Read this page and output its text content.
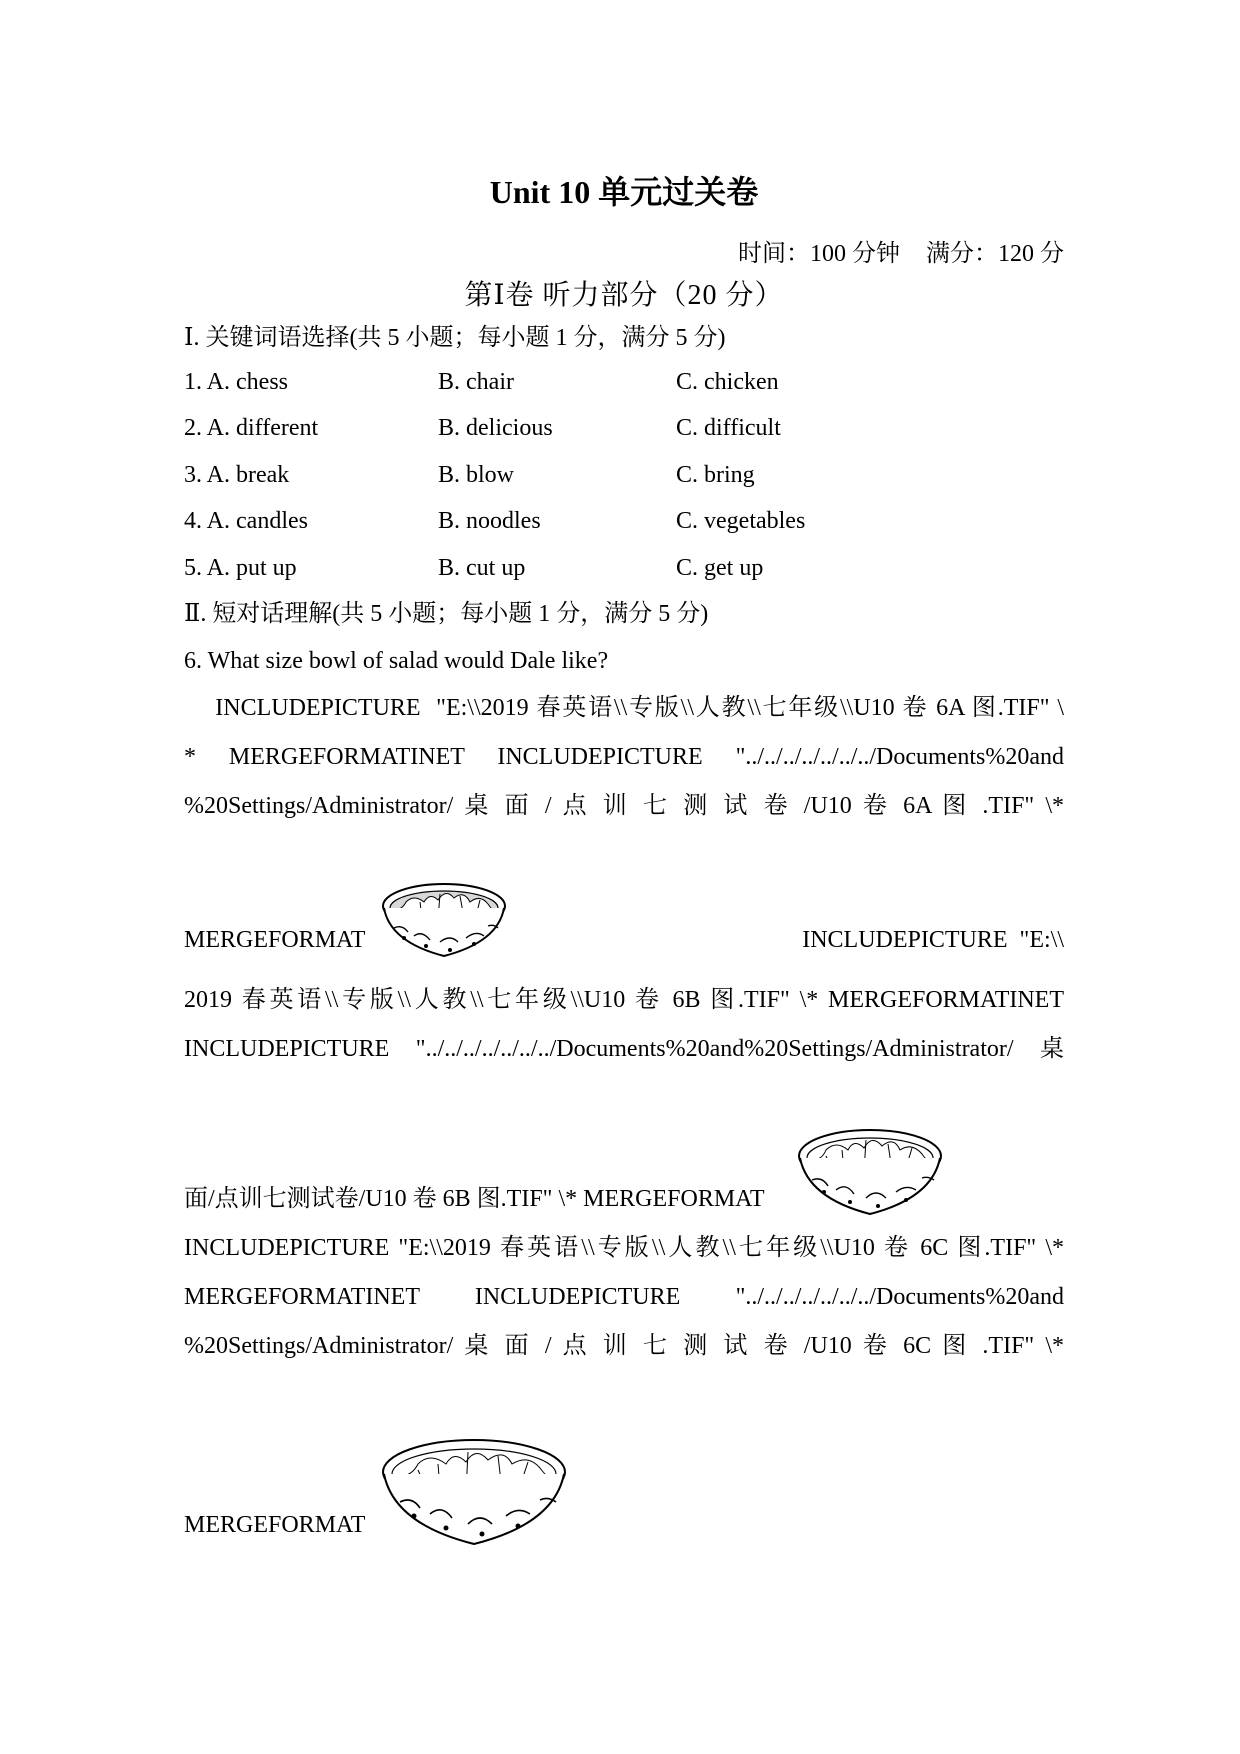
Unit 10 单元过关卷
时间：100 分钟 满分：120 分
第Ⅰ卷 听力部分（20 分）
Ⅰ. 关键词语选择(共 5 小题；每小题 1 分，满分 5 分)
1. A. chess	B. chair	C. chicken
2. A. different	B. delicious	C. difficult
3. A. break	B. blow	C. bring
4. A. candles	B. noodles	C. vegetables
5. A. put up	B. cut up	C. get up
Ⅱ. 短对话理解(共 5 小题；每小题 1 分，满分 5 分)
6. What size bowl of salad would Dale like?
INCLUDEPICTURE  "E:\\2019 春英语\\专版\\人教\\七年级\\U10 卷 6A 图.TIF" \
* MERGEFORMATINET INCLUDEPICTURE "../../../../../../../Documents%20and
%20Settings/Administrator/ 桌 面 / 点 训 七 测 试 卷 /U10 卷 6A 图 .TIF" \*
MERGEFORMAT	INCLUDEPICTURE  "E:\\
2019 春英语\\专版\\人教\\七年级\\U10 卷 6B 图.TIF" \* MERGEFORMATINET
INCLUDEPICTURE "../../../../../../../Documents%20and%20Settings/Administrator/ 桌
面/点训七测试卷/U10 卷 6B 图.TIF" \* MERGEFORMAT
INCLUDEPICTURE "E:\\2019 春英语\\专版\\人教\\七年级\\U10 卷 6C 图.TIF" \*
MERGEFORMATINET INCLUDEPICTURE "../../../../../../../Documents%20and
%20Settings/Administrator/ 桌 面 / 点 训 七 测 试 卷 /U10 卷 6C 图 .TIF" \*
MERGEFORMAT
